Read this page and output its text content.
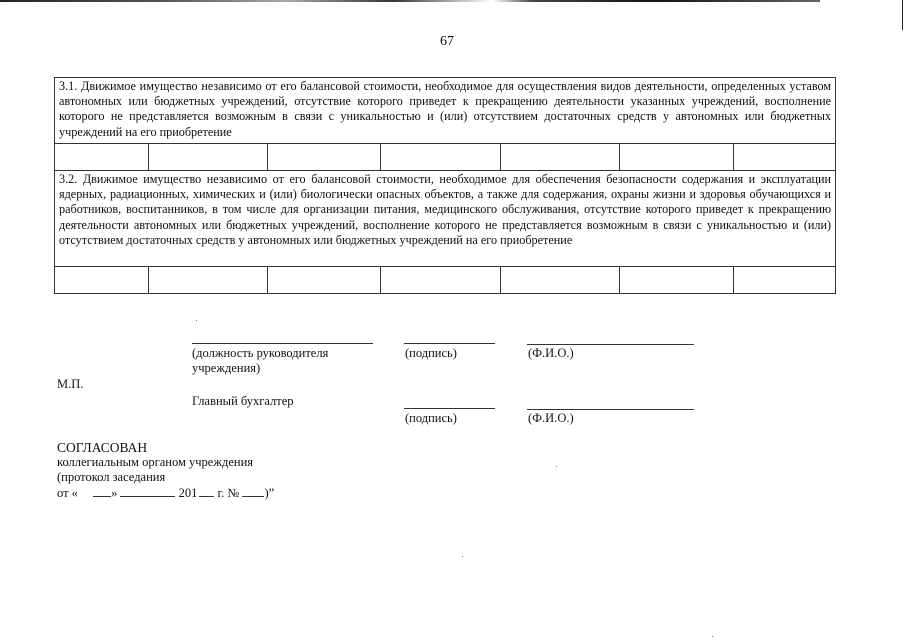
67
3.1. Движимое имущество независимо от его балансовой стоимости, необходимое для осуществления видов деятельности, определенных уставом автономных или бюджетных учреждений, отсутствие которого приведет к прекращению деятельности указанных учреждений, восполнение которого не представляется возможным в связи с уникальностью и (или) отсутствием достаточных средств у автономных или бюджетных учреждений на его приобретение						

3.2. Движимое имущество независимо от его балансовой стоимости, необходимое для обеспечения безопасности содержания и эксплуатации ядерных, радиационных, химических и (или) биологически опасных объектов, а также для содержания, охраны жизни и здоровья обучающихся и работников, воспитанников, в том числе для организации питания, медицинского обслуживания, отсутствие которого приведет к прекращению деятельности автономных или бюджетных учреждений, восполнение которого не представляется возможным в связи с уникальностью и (или) отсутствием достаточных средств у автономных или бюджетных учреждений на его приобретение						

(должность руководителя
учреждения)
(подпись)	(Ф.И.О.)
М.П.
Главный бухгалтер
(подпись)	(Ф.И.О.)
СОГЛАСОВАН
коллегиальным органом учреждения
(протокол заседания
от «	»	201 г. № )”
